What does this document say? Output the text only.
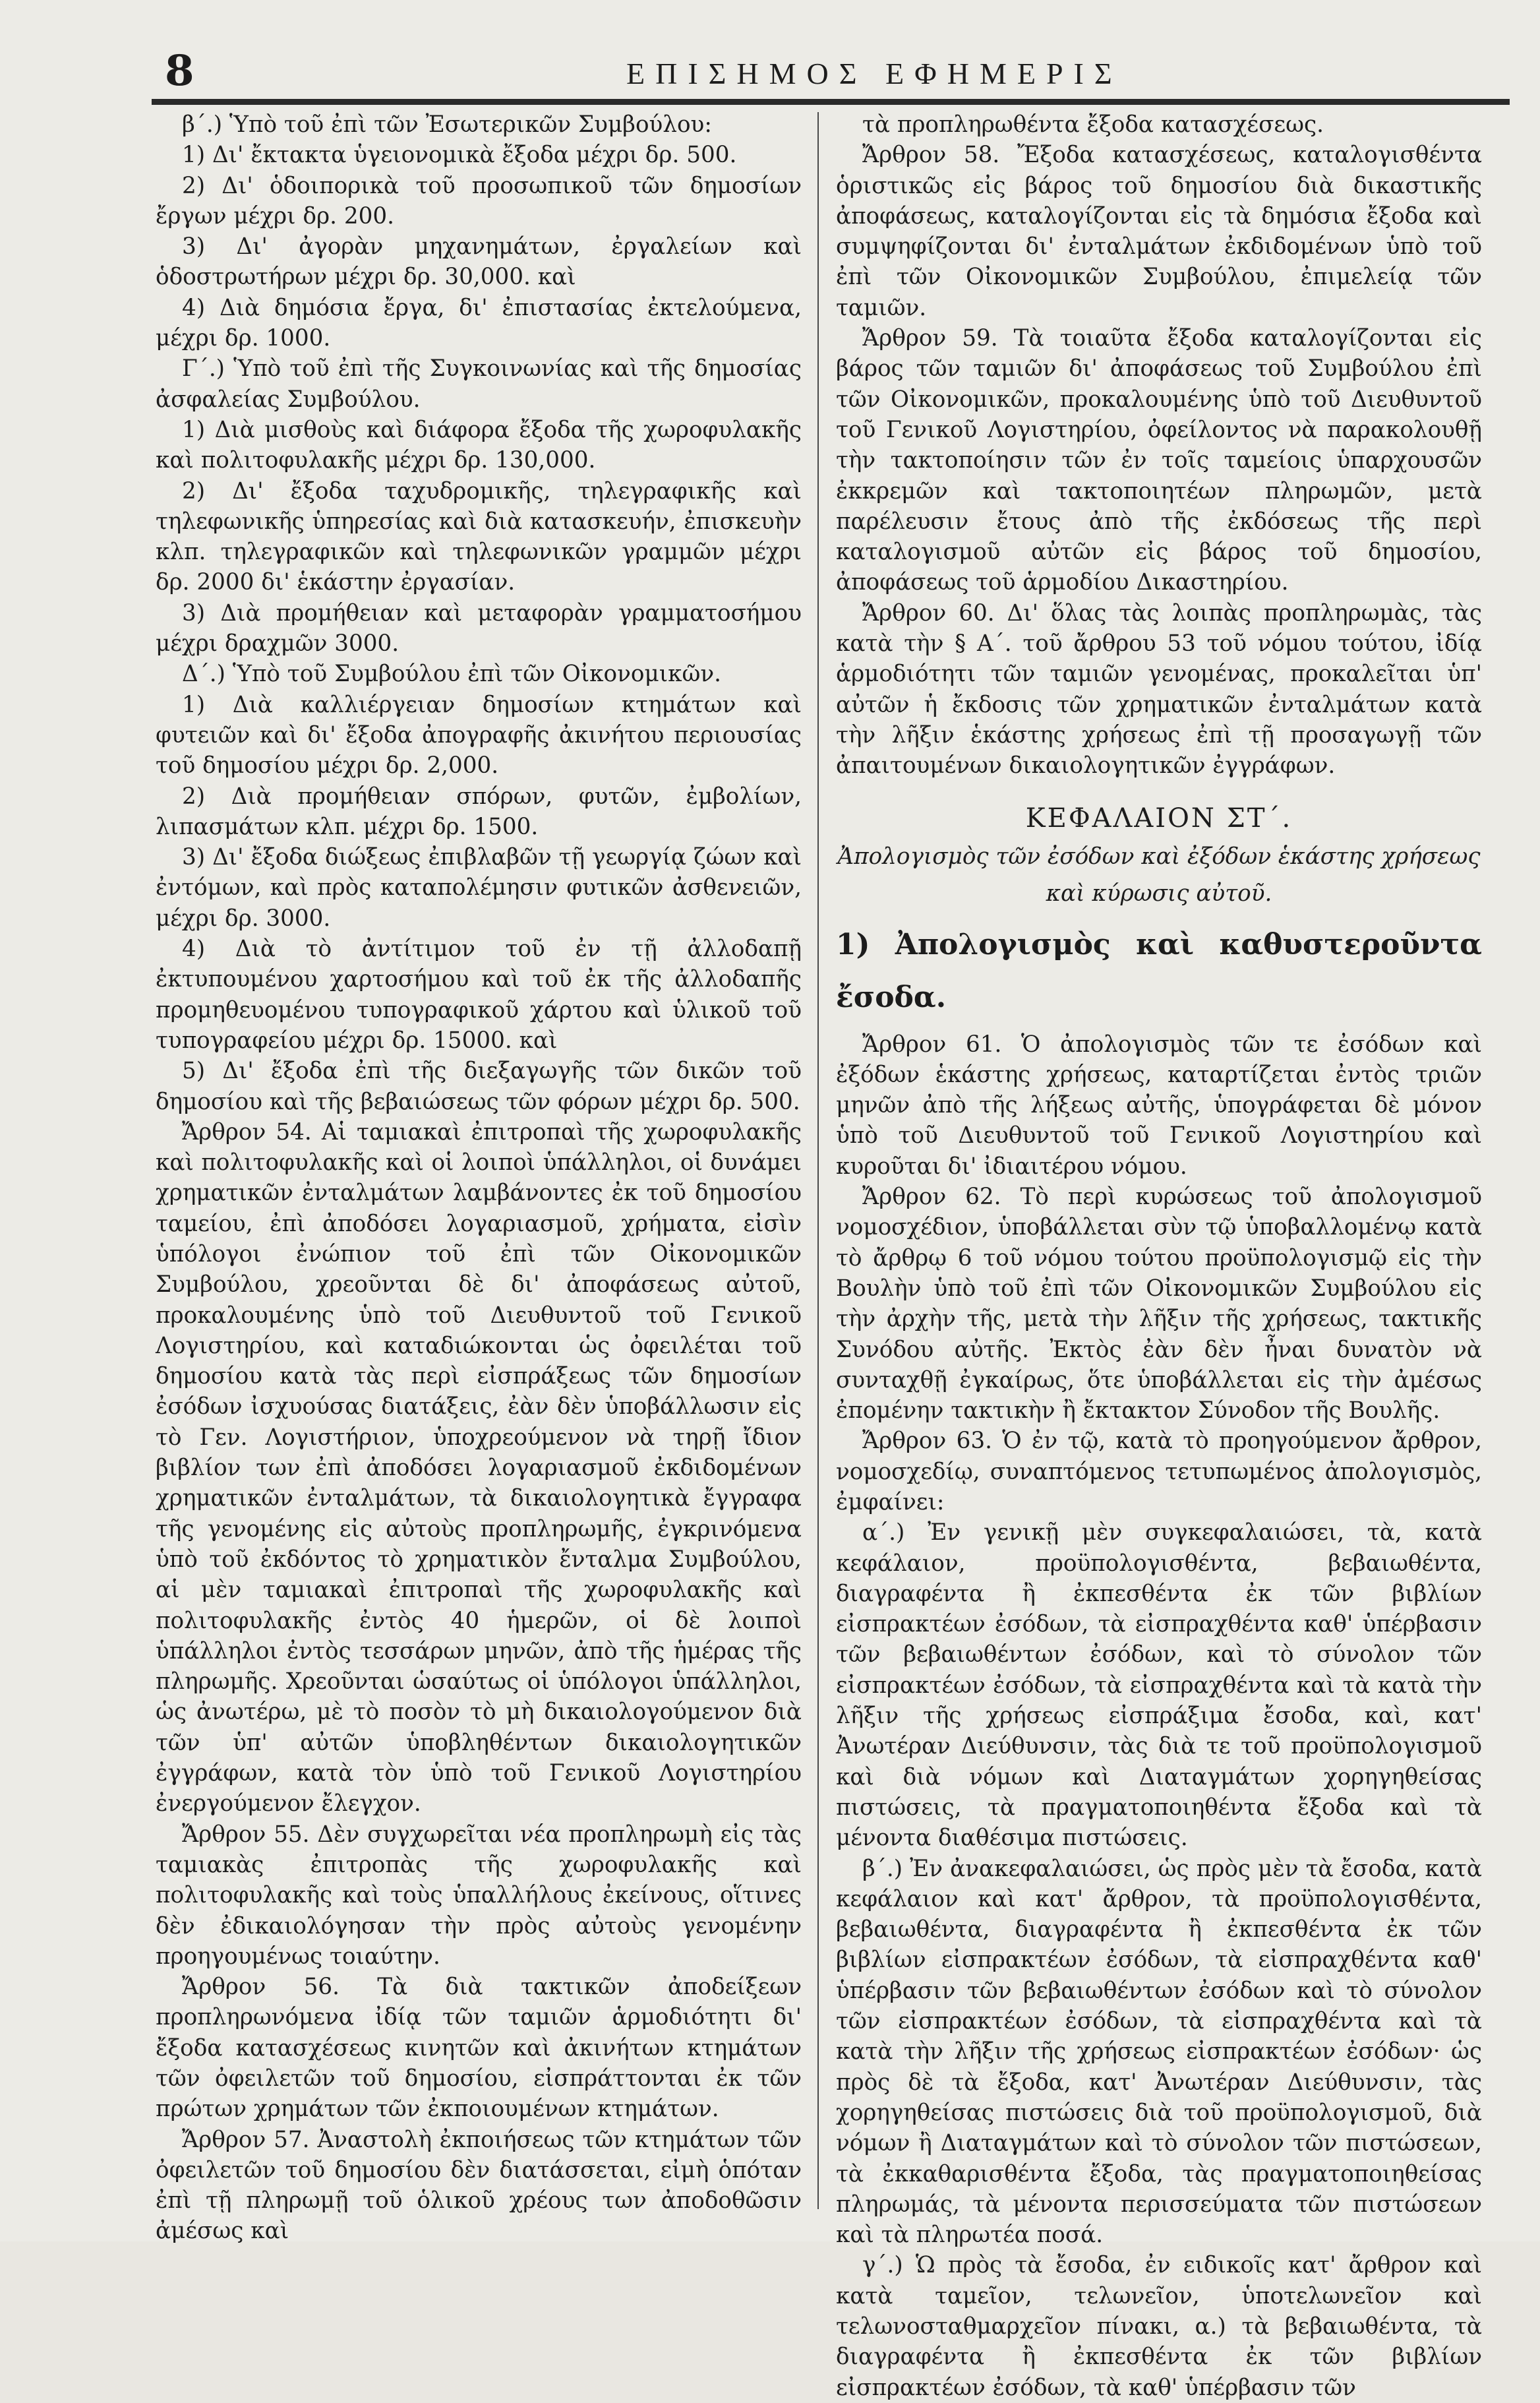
8	ΕΠΙΣΗΜΟΣ ΕΦΗΜΕΡΙΣ

β΄.) Ὑπὸ τοῦ ἐπὶ τῶν Ἐσωτερικῶν Συμβούλου:

1) Δι' ἔκτακτα ὑγειονομικὰ ἔξοδα μέχρι δρ. 500.

2) Δι' ὁδοιπορικὰ τοῦ προσωπικοῦ τῶν δημοσίων ἔργων μέχρι δρ. 200.

3) Δι' ἀγορὰν μηχανημάτων, ἐργαλείων καὶ ὁδοστρωτήρων μέχρι δρ. 30,000. καὶ

4) Διὰ δημόσια ἔργα, δι' ἐπιστασίας ἐκτελούμενα, μέχρι δρ. 1000.

Γ΄.) Ὑπὸ τοῦ ἐπὶ τῆς Συγκοινωνίας καὶ τῆς δημοσίας ἀσφαλείας Συμβούλου.

1) Διὰ μισθοὺς καὶ διάφορα ἔξοδα τῆς χωροφυλακῆς καὶ πολιτοφυλακῆς μέχρι δρ. 130,000.

2) Δι' ἔξοδα ταχυδρομικῆς, τηλεγραφικῆς καὶ τηλεφωνικῆς ὑπηρεσίας καὶ διὰ κατασκευήν, ἐπισκευὴν κλπ. τηλεγραφικῶν καὶ τηλεφωνικῶν γραμμῶν μέχρι δρ. 2000 δι' ἑκάστην ἐργασίαν.

3) Διὰ προμήθειαν καὶ μεταφορὰν γραμματοσήμου μέχρι δραχμῶν 3000.

Δ΄.) Ὑπὸ τοῦ Συμβούλου ἐπὶ τῶν Οἰκονομικῶν.

1) Διὰ καλλιέργειαν δημοσίων κτημάτων καὶ φυτειῶν καὶ δι' ἔξοδα ἀπογραφῆς ἀκινήτου περιουσίας τοῦ δημοσίου μέχρι δρ. 2,000.

2) Διὰ προμήθειαν σπόρων, φυτῶν, ἐμβολίων, λιπασμάτων κλπ. μέχρι δρ. 1500.

3) Δι' ἔξοδα διώξεως ἐπιβλαβῶν τῇ γεωργίᾳ ζώων καὶ ἐντόμων, καὶ πρὸς καταπολέμησιν φυτικῶν ἀσθενειῶν, μέχρι δρ. 3000.

4) Διὰ τὸ ἀντίτιμον τοῦ ἐν τῇ ἀλλοδαπῇ ἐκτυπουμένου χαρτοσήμου καὶ τοῦ ἐκ τῆς ἀλλοδαπῆς προμηθευομένου τυπογραφικοῦ χάρτου καὶ ὑλικοῦ τοῦ τυπογραφείου μέχρι δρ. 15000. καὶ

5) Δι' ἔξοδα ἐπὶ τῆς διεξαγωγῆς τῶν δικῶν τοῦ δημοσίου καὶ τῆς βεβαιώσεως τῶν φόρων μέχρι δρ. 500.

Ἄρθρον 54. Αἱ ταμιακαὶ ἐπιτροπαὶ τῆς χωροφυλακῆς καὶ πολιτοφυλακῆς καὶ οἱ λοιποὶ ὑπάλληλοι, οἱ δυνάμει χρηματικῶν ἐνταλμάτων λαμβάνοντες ἐκ τοῦ δημοσίου ταμείου, ἐπὶ ἀποδόσει λογαριασμοῦ, χρήματα, εἰσὶν ὑπόλογοι ἐνώπιον τοῦ ἐπὶ τῶν Οἰκονομικῶν Συμβούλου, χρεοῦνται δὲ δι' ἀποφάσεως αὐτοῦ, προκαλουμένης ὑπὸ τοῦ Διευθυντοῦ τοῦ Γενικοῦ Λογιστηρίου, καὶ καταδιώκονται ὡς ὀφειλέται τοῦ δημοσίου κατὰ τὰς περὶ εἰσπράξεως τῶν δημοσίων ἐσόδων ἰσχυούσας διατάξεις, ἐὰν δὲν ὑποβάλλωσιν εἰς τὸ Γεν. Λογιστήριον, ὑποχρεούμενον νὰ τηρῇ ἴδιον βιβλίον των ἐπὶ ἀποδόσει λογαριασμοῦ ἐκδιδομένων χρηματικῶν ἐνταλμάτων, τὰ δικαιολογητικὰ ἔγγραφα τῆς γενομένης εἰς αὐτοὺς προπληρωμῆς, ἐγκρινόμενα ὑπὸ τοῦ ἐκδόντος τὸ χρηματικὸν ἔνταλμα Συμβούλου, αἱ μὲν ταμιακαὶ ἐπιτροπαὶ τῆς χωροφυλακῆς καὶ πολιτοφυλακῆς ἐντὸς 40 ἡμερῶν, οἱ δὲ λοιποὶ ὑπάλληλοι ἐντὸς τεσσάρων μηνῶν, ἀπὸ τῆς ἡμέρας τῆς πληρωμῆς. Χρεοῦνται ὡσαύτως οἱ ὑπόλογοι ὑπάλληλοι, ὡς ἀνωτέρω, μὲ τὸ ποσὸν τὸ μὴ δικαιολογούμενον διὰ τῶν ὑπ' αὐτῶν ὑποβληθέντων δικαιολογητικῶν ἐγγράφων, κατὰ τὸν ὑπὸ τοῦ Γενικοῦ Λογιστηρίου ἐνεργούμενον ἔλεγχον.

Ἄρθρον 55. Δὲν συγχωρεῖται νέα προπληρωμὴ εἰς τὰς ταμιακὰς ἐπιτροπὰς τῆς χωροφυλακῆς καὶ πολιτοφυλακῆς καὶ τοὺς ὑπαλλήλους ἐκείνους, οἵτινες δὲν ἐδικαιολόγησαν τὴν πρὸς αὐτοὺς γενομένην προηγουμένως τοιαύτην.

Ἄρθρον 56. Τὰ διὰ τακτικῶν ἀποδείξεων προπληρωνόμενα ἰδίᾳ τῶν ταμιῶν ἁρμοδιότητι δι' ἔξοδα κατασχέσεως κινητῶν καὶ ἀκινήτων κτημάτων τῶν ὀφειλετῶν τοῦ δημοσίου, εἰσπράττονται ἐκ τῶν πρώτων χρημάτων τῶν ἐκποιουμένων κτημάτων.

Ἄρθρον 57. Ἀναστολὴ ἐκποιήσεως τῶν κτημάτων τῶν ὀφειλετῶν τοῦ δημοσίου δὲν διατάσσεται, εἰμὴ ὁπόταν ἐπὶ τῇ πληρωμῇ τοῦ ὁλικοῦ χρέους των ἀποδοθῶσιν ἀμέσως καὶ

τὰ προπληρωθέντα ἔξοδα κατασχέσεως.

Ἄρθρον 58. Ἔξοδα κατασχέσεως, καταλογισθέντα ὁριστικῶς εἰς βάρος τοῦ δημοσίου διὰ δικαστικῆς ἀποφάσεως, καταλογίζονται εἰς τὰ δημόσια ἔξοδα καὶ συμψηφίζονται δι' ἐνταλμάτων ἐκδιδομένων ὑπὸ τοῦ ἐπὶ τῶν Οἰκονομικῶν Συμβούλου, ἐπιμελείᾳ τῶν ταμιῶν.

Ἄρθρον 59. Τὰ τοιαῦτα ἔξοδα καταλογίζονται εἰς βάρος τῶν ταμιῶν δι' ἀποφάσεως τοῦ Συμβούλου ἐπὶ τῶν Οἰκονομικῶν, προκαλουμένης ὑπὸ τοῦ Διευθυντοῦ τοῦ Γενικοῦ Λογιστηρίου, ὀφείλοντος νὰ παρακολουθῇ τὴν τακτοποίησιν τῶν ἐν τοῖς ταμείοις ὑπαρχουσῶν ἐκκρεμῶν καὶ τακτοποιητέων πληρωμῶν, μετὰ παρέλευσιν ἔτους ἀπὸ τῆς ἐκδόσεως τῆς περὶ καταλογισμοῦ αὐτῶν εἰς βάρος τοῦ δημοσίου, ἀποφάσεως τοῦ ἁρμοδίου Δικαστηρίου.

Ἄρθρον 60. Δι' ὅλας τὰς λοιπὰς προπληρωμὰς, τὰς κατὰ τὴν § Α΄. τοῦ ἄρθρου 53 τοῦ νόμου τούτου, ἰδίᾳ ἁρμοδιότητι τῶν ταμιῶν γενομένας, προκαλεῖται ὑπ' αὐτῶν ἡ ἔκδοσις τῶν χρηματικῶν ἐνταλμάτων κατὰ τὴν λῆξιν ἑκάστης χρήσεως ἐπὶ τῇ προσαγωγῇ τῶν ἀπαιτουμένων δικαιολογητικῶν ἐγγράφων.

ΚΕΦΑΛΑΙΟΝ ΣΤ΄.

Ἀπολογισμὸς τῶν ἐσόδων καὶ ἐξόδων ἑκάστης χρήσεως

καὶ κύρωσις αὐτοῦ.

1) Ἀπολογισμὸς καὶ καθυστεροῦντα ἔσοδα.

Ἄρθρον 61. Ὁ ἀπολογισμὸς τῶν τε ἐσόδων καὶ ἐξόδων ἑκάστης χρήσεως, καταρτίζεται ἐντὸς τριῶν μηνῶν ἀπὸ τῆς λήξεως αὐτῆς, ὑπογράφεται δὲ μόνον ὑπὸ τοῦ Διευθυντοῦ τοῦ Γενικοῦ Λογιστηρίου καὶ κυροῦται δι' ἰδιαιτέρου νόμου.

Ἄρθρον 62. Τὸ περὶ κυρώσεως τοῦ ἀπολογισμοῦ νομοσχέδιον, ὑποβάλλεται σὺν τῷ ὑποβαλλομένῳ κατὰ τὸ ἄρθρῳ 6 τοῦ νόμου τούτου προϋπολογισμῷ εἰς τὴν Βουλὴν ὑπὸ τοῦ ἐπὶ τῶν Οἰκονομικῶν Συμβούλου εἰς τὴν ἀρχὴν τῆς, μετὰ τὴν λῆξιν τῆς χρήσεως, τακτικῆς Συνόδου αὐτῆς. Ἐκτὸς ἐὰν δὲν ἦναι δυνατὸν νὰ συνταχθῇ ἐγκαίρως, ὅτε ὑποβάλλεται εἰς τὴν ἀμέσως ἐπομένην τακτικὴν ἢ ἔκτακτον Σύνοδον τῆς Βουλῆς.

Ἄρθρον 63. Ὁ ἐν τῷ, κατὰ τὸ προηγούμενον ἄρθρον, νομοσχεδίῳ, συναπτόμενος τετυπωμένος ἀπολογισμὸς, ἐμφαίνει:

α΄.) Ἐν γενικῇ μὲν συγκεφαλαιώσει, τὰ, κατὰ κεφάλαιον, προϋπολογισθέντα, βεβαιωθέντα, διαγραφέντα ἢ ἐκπεσθέντα ἐκ τῶν βιβλίων εἰσπρακτέων ἐσόδων, τὰ εἰσπραχθέντα καθ' ὑπέρβασιν τῶν βεβαιωθέντων ἐσόδων, καὶ τὸ σύνολον τῶν εἰσπρακτέων ἐσόδων, τὰ εἰσπραχθέντα καὶ τὰ κατὰ τὴν λῆξιν τῆς χρήσεως εἰσπράξιμα ἔσοδα, καὶ, κατ' Ἀνωτέραν Διεύθυνσιν, τὰς διὰ τε τοῦ προϋπολογισμοῦ καὶ διὰ νόμων καὶ Διαταγμάτων χορηγηθείσας πιστώσεις, τὰ πραγματοποιηθέντα ἔξοδα καὶ τὰ μένοντα διαθέσιμα πιστώσεις.

β΄.) Ἐν ἀνακεφαλαιώσει, ὡς πρὸς μὲν τὰ ἔσοδα, κατὰ κεφάλαιον καὶ κατ' ἄρθρον, τὰ προϋπολογισθέντα, βεβαιωθέντα, διαγραφέντα ἢ ἐκπεσθέντα ἐκ τῶν βιβλίων εἰσπρακτέων ἐσόδων, τὰ εἰσπραχθέντα καθ' ὑπέρβασιν τῶν βεβαιωθέντων ἐσόδων καὶ τὸ σύνολον τῶν εἰσπρακτέων ἐσόδων, τὰ εἰσπραχθέντα καὶ τὰ κατὰ τὴν λῆξιν τῆς χρήσεως εἰσπρακτέων ἐσόδων· ὡς πρὸς δὲ τὰ ἔξοδα, κατ' Ἀνωτέραν Διεύθυνσιν, τὰς χορηγηθείσας πιστώσεις διὰ τοῦ προϋπολογισμοῦ, διὰ νόμων ἢ Διαταγμάτων καὶ τὸ σύνολον τῶν πιστώσεων, τὰ ἐκκαθαρισθέντα ἔξοδα, τὰς πραγματοποιηθείσας πληρωμάς, τὰ μένοντα περισσεύματα τῶν πιστώσεων καὶ τὰ πληρωτέα ποσά.

γ΄.) Ὡ πρὸς τὰ ἔσοδα, ἐν ειδικοῖς κατ' ἄρθρον καὶ κατὰ ταμεῖον, τελωνεῖον, ὑποτελωνεῖον καὶ τελωνοσταθμαρχεῖον πίνακι, α.) τὰ βεβαιωθέντα, τὰ διαγραφέντα ἢ ἐκπεσθέντα ἐκ τῶν βιβλίων εἰσπρακτέων ἐσόδων, τὰ καθ' ὑπέρβασιν τῶν
